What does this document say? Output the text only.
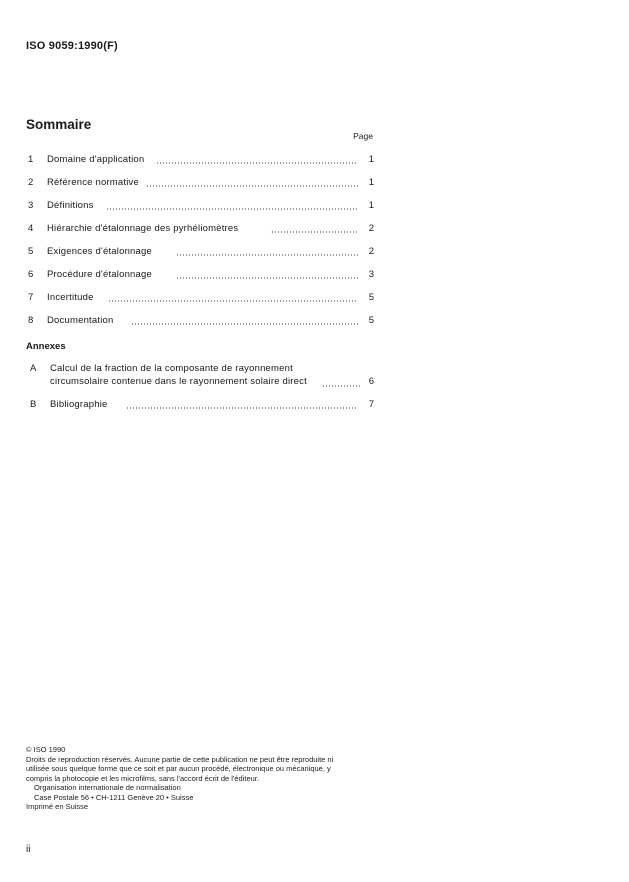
ISO 9059:1990(F)
Sommaire
Page
1	Domaine d'application	1
2	Référence normative	1
3	Définitions	1
4	Hiérarchie d'étalonnage des pyrhéliomètres	2
5	Exigences d'étalonnage	2
6	Procédure d'étalonnage	3
7	Incertitude	5
8	Documentation	5
Annexes
A Calcul de la fraction de la composante de rayonnement
circumsolaire contenue dans le rayonnement solaire direct	6
B Bibliographie	7

© ISO 1990

Droits de reproduction réservés. Aucune partie de cette publication ne peut être reproduite ni utilisée sous quelque forme que ce soit et par aucun procédé, électronique ou mécanique, y compris la photocopie et les microfilms, sans l'accord écrit de l'éditeur.

Organisation internationale de normalisation

Case Postale 56 • CH-1211 Genève 20 • Suisse

Imprimé en Suisse

ii
